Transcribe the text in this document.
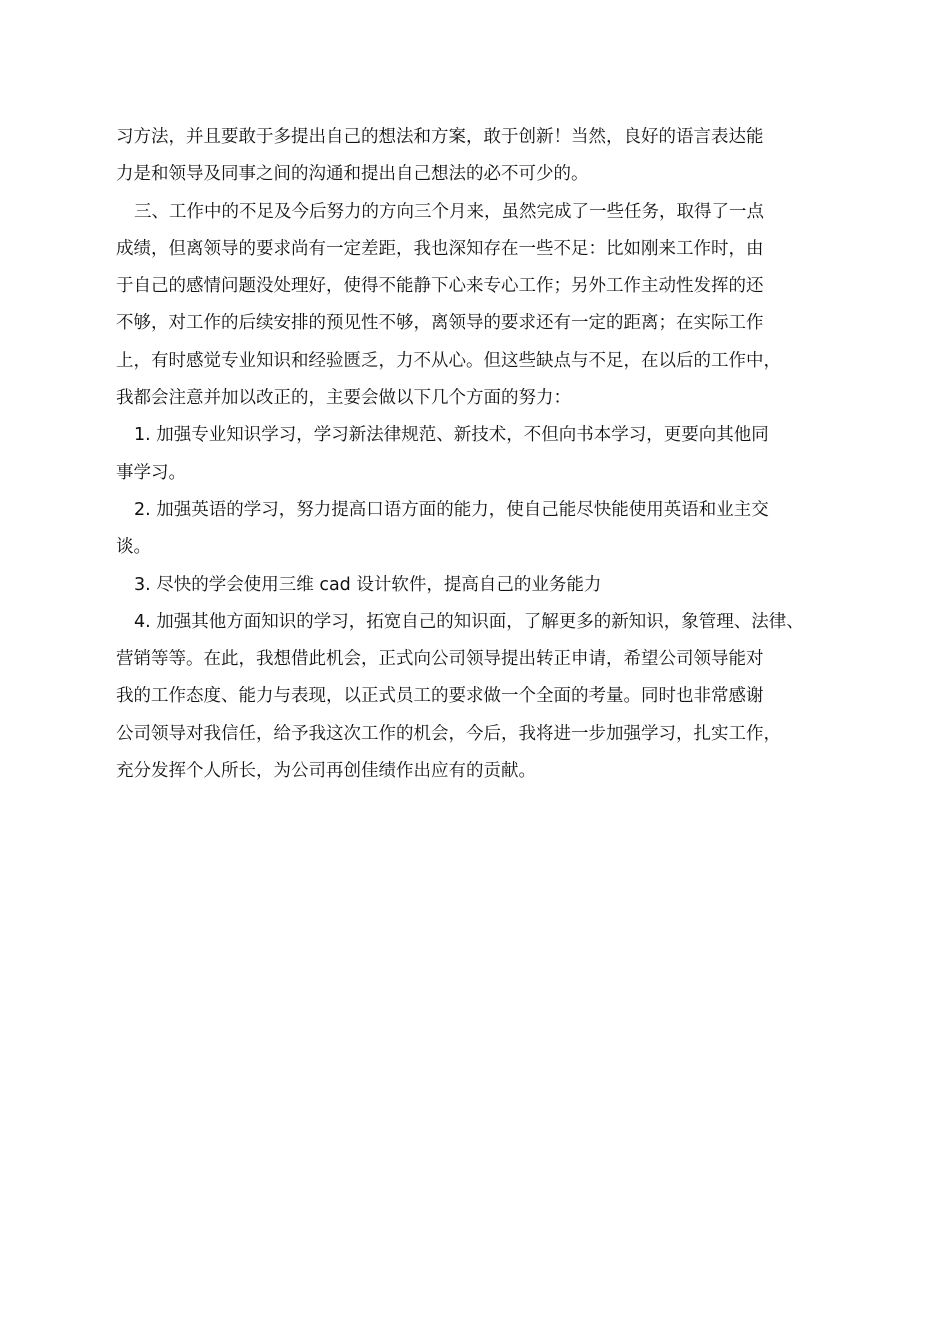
习方法，并且要敢于多提出自己的想法和方案，敢于创新！当然，良好的语言表达能
力是和领导及同事之间的沟通和提出自己想法的必不可少的。

三、工作中的不足及今后努力的方向三个月来，虽然完成了一些任务，取得了一点
成绩，但离领导的要求尚有一定差距，我也深知存在一些不足：比如刚来工作时，由
于自己的感情问题没处理好，使得不能静下心来专心工作；另外工作主动性发挥的还
不够，对工作的后续安排的预见性不够，离领导的要求还有一定的距离；在实际工作
上，有时感觉专业知识和经验匮乏，力不从心。但这些缺点与不足，在以后的工作中，
我都会注意并加以改正的，主要会做以下几个方面的努力：

1. 加强专业知识学习，学习新法律规范、新技术，不但向书本学习，更要向其他同
事学习。

2. 加强英语的学习，努力提高口语方面的能力，使自己能尽快能使用英语和业主交
谈。

3. 尽快的学会使用三维 cad 设计软件，提高自己的业务能力

4. 加强其他方面知识的学习，拓宽自己的知识面，了解更多的新知识，象管理、法律、
营销等等。在此，我想借此机会，正式向公司领导提出转正申请，希望公司领导能对
我的工作态度、能力与表现，以正式员工的要求做一个全面的考量。同时也非常感谢
公司领导对我信任，给予我这次工作的机会，今后，我将进一步加强学习，扎实工作，
充分发挥个人所长，为公司再创佳绩作出应有的贡献。
